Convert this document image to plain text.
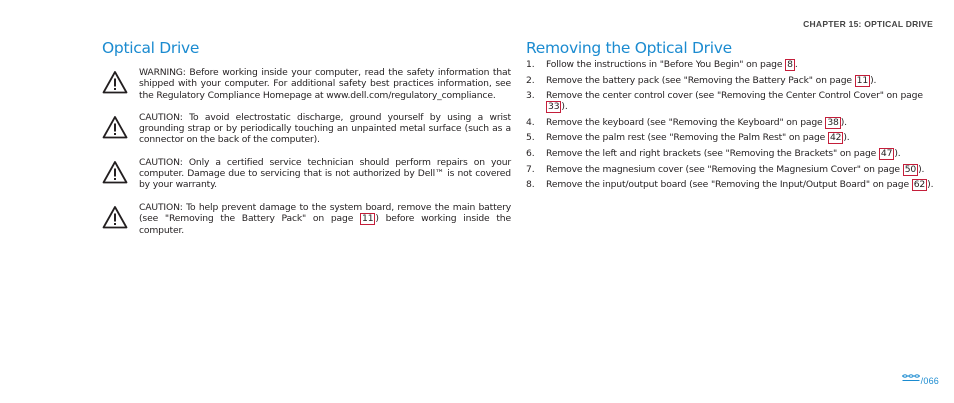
CHAPTER 15: OPTICAL DRIVE
Optical Drive
WARNING: Before working inside your computer, read the safety information that shipped with your computer. For additional safety best practices information, see the Regulatory Compliance Homepage at www.dell.com/regulatory_compliance.
CAUTION: To avoid electrostatic discharge, ground yourself by using a wrist grounding strap or by periodically touching an unpainted metal surface (such as a connector on the back of the computer).
CAUTION: Only a certified service technician should perform repairs on your computer. Damage due to servicing that is not authorized by Dell™ is not covered by your warranty.
CAUTION: To help prevent damage to the system board, remove the main battery (see "Removing the Battery Pack" on page 11 ) before working inside the computer.
Removing the Optical Drive
1.	Follow the instructions in "Before You Begin" on page 8 .
2.	Remove the battery pack (see "Removing the Battery Pack" on page 11 ).
3.	Remove the center control cover (see "Removing the Center Control Cover" on page 33 ).
4.	Remove the keyboard (see "Removing the Keyboard" on page 38 ).
5.	Remove the palm rest (see "Removing the Palm Rest" on page 42 ).
6.	Remove the left and right brackets (see "Removing the Brackets" on page 47 ).
7.	Remove the magnesium cover (see "Removing the Magnesium Cover" on page 50 ).
8.	Remove the input/output board (see "Removing the Input/Output Board" on page 62 ).
/066
